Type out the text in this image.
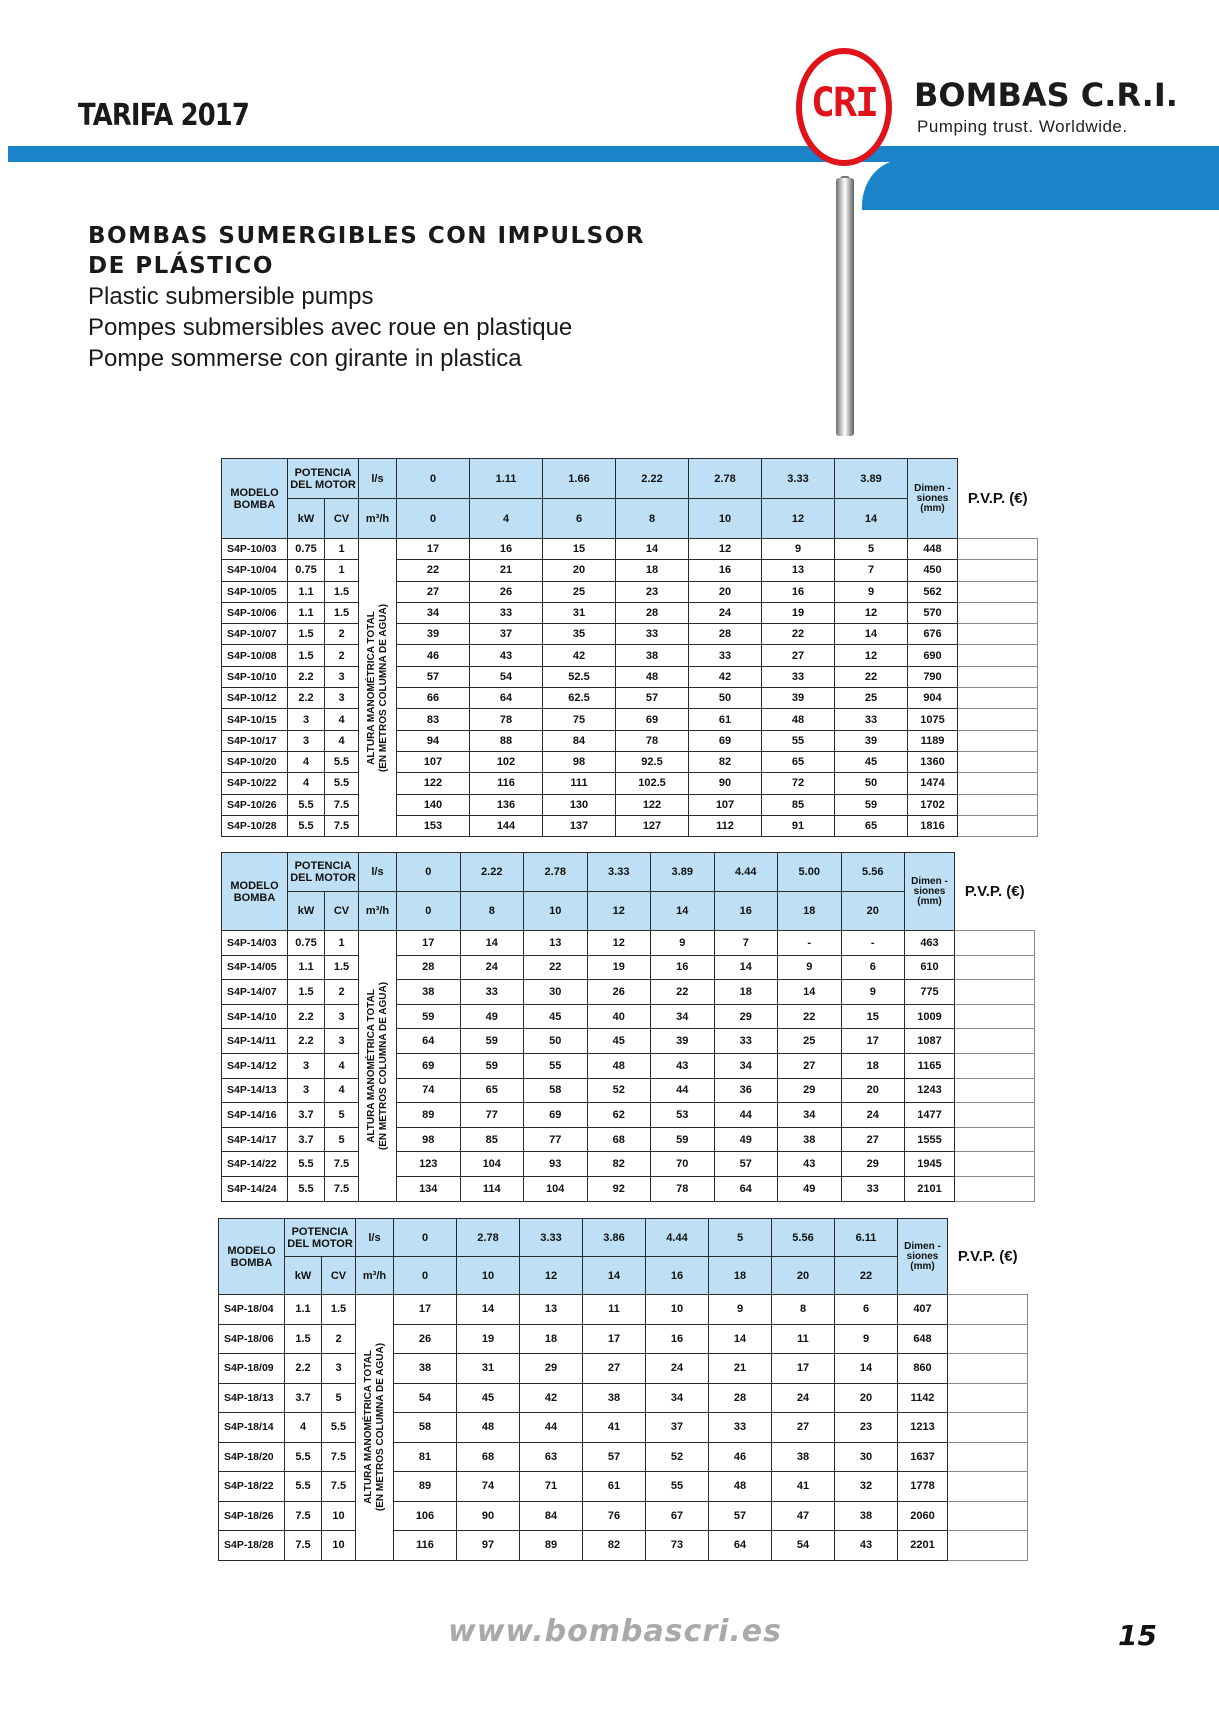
TARIFA 2017	CRI BOMBAS C.R.I.
Pumping trust. Worldwide.
BOMBAS SUMERGIBLES CON IMPULSOR DE PLÁSTICO
Plastic submersible pumps
Pompes submersibles avec roue en plastique
Pompe sommerse con girante in plastica
MODELO BOMBA	POTENCIA DEL MOTOR		l/s	0	1.11	1.66	2.22	2.78	3.33	3.89	Dimen -siones (mm)	P.V.P. (€)
	kW	CV	m³/h	0	4	6	8	10	12	14		
S4P-10/03	0.75	1	ALTURA MANOMÉTRICA TOTAL (EN METROS COLUMNA DE AGUA)	17	16	15	14	12	9	5	448	
S4P-10/04	0.75	1		22	21	20	18	16	13	7	450	
S4P-10/05	1.1	1.5		27	26	25	23	20	16	9	562	
S4P-10/06	1.1	1.5		34	33	31	28	24	19	12	570	
S4P-10/07	1.5	2		39	37	35	33	28	22	14	676	
S4P-10/08	1.5	2		46	43	42	38	33	27	12	690	
S4P-10/10	2.2	3		57	54	52.5	48	42	33	22	790	
S4P-10/12	2.2	3		66	64	62.5	57	50	39	25	904	
S4P-10/15	3	4		83	78	75	69	61	48	33	1075	
S4P-10/17	3	4		94	88	84	78	69	55	39	1189	
S4P-10/20	4	5.5		107	102	98	92.5	82	65	45	1360	
S4P-10/22	4	5.5		122	116	111	102.5	90	72	50	1474	
S4P-10/26	5.5	7.5		140	136	130	122	107	85	59	1702	
S4P-10/28	5.5	7.5		153	144	137	127	112	91	65	1816	
MODELO BOMBA	POTENCIA DEL MOTOR		l/s	0	2.22	2.78	3.33	3.89	4.44	5.00	5.56	Dimen -siones (mm)	P.V.P. (€)
	kW	CV	m³/h	0	8	10	12	14	16	18	20		
S4P-14/03	0.75	1	ALTURA MANOMÉTRICA TOTAL (EN METROS COLUMNA DE AGUA)	17	14	13	12	9	7	-	-	463	
S4P-14/05	1.1	1.5		28	24	22	19	16	14	9	6	610	
S4P-14/07	1.5	2		38	33	30	26	22	18	14	9	775	
S4P-14/10	2.2	3		59	49	45	40	34	29	22	15	1009	
S4P-14/11	2.2	3		64	59	50	45	39	33	25	17	1087	
S4P-14/12	3	4		69	59	55	48	43	34	27	18	1165	
S4P-14/13	3	4		74	65	58	52	44	36	29	20	1243	
S4P-14/16	3.7	5		89	77	69	62	53	44	34	24	1477	
S4P-14/17	3.7	5		98	85	77	68	59	49	38	27	1555	
S4P-14/22	5.5	7.5		123	104	93	82	70	57	43	29	1945	
S4P-14/24	5.5	7.5		134	114	104	92	78	64	49	33	2101	
MODELO BOMBA	POTENCIA DEL MOTOR		l/s	0	2.78	3.33	3.86	4.44	5	5.56	6.11	Dimen -siones (mm)	P.V.P. (€)
	kW	CV	m³/h	0	10	12	14	16	18	20	22		
S4P-18/04	1.1	1.5	ALTURA MANOMÉTRICA TOTAL (EN METROS COLUMNA DE AGUA)	17	14	13	11	10	9	8	6	407	
S4P-18/06	1.5	2		26	19	18	17	16	14	11	9	648	
S4P-18/09	2.2	3		38	31	29	27	24	21	17	14	860	
S4P-18/13	3.7	5		54	45	42	38	34	28	24	20	1142	
S4P-18/14	4	5.5		58	48	44	41	37	33	27	23	1213	
S4P-18/20	5.5	7.5		81	68	63	57	52	46	38	30	1637	
S4P-18/22	5.5	7.5		89	74	71	61	55	48	41	32	1778	
S4P-18/26	7.5	10		106	90	84	76	67	57	47	38	2060	
S4P-18/28	7.5	10		116	97	89	82	73	64	54	43	2201	
www.bombascri.es	15
